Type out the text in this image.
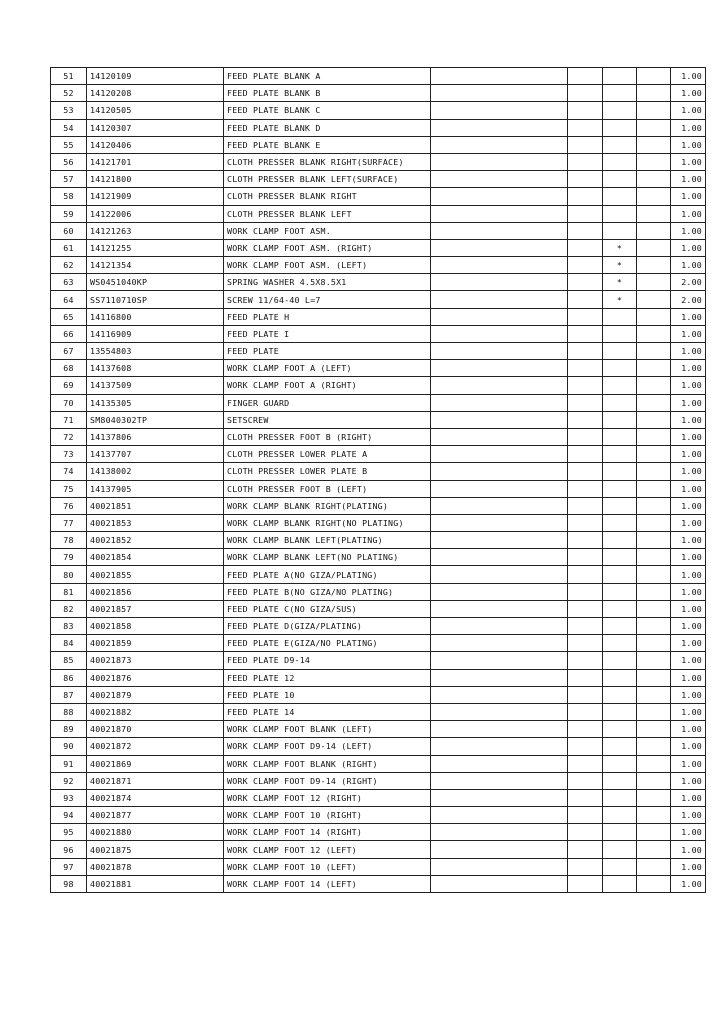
51	14120109	FEED PLATE BLANK A					1.00
52	14120208	FEED PLATE BLANK B					1.00
53	14120505	FEED PLATE BLANK C					1.00
54	14120307	FEED PLATE BLANK D					1.00
55	14120406	FEED PLATE BLANK E					1.00
56	14121701	CLOTH PRESSER BLANK RIGHT(SURFACE)					1.00
57	14121800	CLOTH PRESSER BLANK LEFT(SURFACE)					1.00
58	14121909	CLOTH PRESSER BLANK RIGHT					1.00
59	14122006	CLOTH PRESSER BLANK LEFT					1.00
60	14121263	WORK CLAMP FOOT ASM.					1.00
61	14121255	WORK CLAMP FOOT ASM. (RIGHT)			*		1.00
62	14121354	WORK CLAMP FOOT ASM. (LEFT)			*		1.00
63	WS0451040KP	SPRING WASHER 4.5X8.5X1			*		2.00
64	SS7110710SP	SCREW 11/64-40 L=7			*		2.00
65	14116800	FEED PLATE H					1.00
66	14116909	FEED PLATE I					1.00
67	13554803	FEED PLATE					1.00
68	14137608	WORK CLAMP FOOT A (LEFT)					1.00
69	14137509	WORK CLAMP FOOT A (RIGHT)					1.00
70	14135305	FINGER GUARD					1.00
71	SM8040302TP	SETSCREW					1.00
72	14137806	CLOTH PRESSER FOOT B (RIGHT)					1.00
73	14137707	CLOTH PRESSER LOWER PLATE A					1.00
74	14138002	CLOTH PRESSER LOWER PLATE B					1.00
75	14137905	CLOTH PRESSER FOOT B (LEFT)					1.00
76	40021851	WORK CLAMP BLANK RIGHT(PLATING)					1.00
77	40021853	WORK CLAMP BLANK RIGHT(NO PLATING)					1.00
78	40021852	WORK CLAMP BLANK LEFT(PLATING)					1.00
79	40021854	WORK CLAMP BLANK LEFT(NO PLATING)					1.00
80	40021855	FEED PLATE A(NO GIZA/PLATING)					1.00
81	40021856	FEED PLATE B(NO GIZA/NO PLATING)					1.00
82	40021857	FEED PLATE C(NO GIZA/SUS)					1.00
83	40021858	FEED PLATE D(GIZA/PLATING)					1.00
84	40021859	FEED PLATE E(GIZA/NO PLATING)					1.00
85	40021873	FEED PLATE D9-14					1.00
86	40021876	FEED PLATE 12					1.00
87	40021879	FEED PLATE 10					1.00
88	40021882	FEED PLATE 14					1.00
89	40021870	WORK CLAMP FOOT BLANK (LEFT)					1.00
90	40021872	WORK CLAMP FOOT D9-14 (LEFT)					1.00
91	40021869	WORK CLAMP FOOT BLANK (RIGHT)					1.00
92	40021871	WORK CLAMP FOOT D9-14 (RIGHT)					1.00
93	40021874	WORK CLAMP FOOT 12 (RIGHT)					1.00
94	40021877	WORK CLAMP FOOT 10 (RIGHT)					1.00
95	40021880	WORK CLAMP FOOT 14 (RIGHT)					1.00
96	40021875	WORK CLAMP FOOT 12 (LEFT)					1.00
97	40021878	WORK CLAMP FOOT 10 (LEFT)					1.00
98	40021881	WORK CLAMP FOOT 14 (LEFT)					1.00
